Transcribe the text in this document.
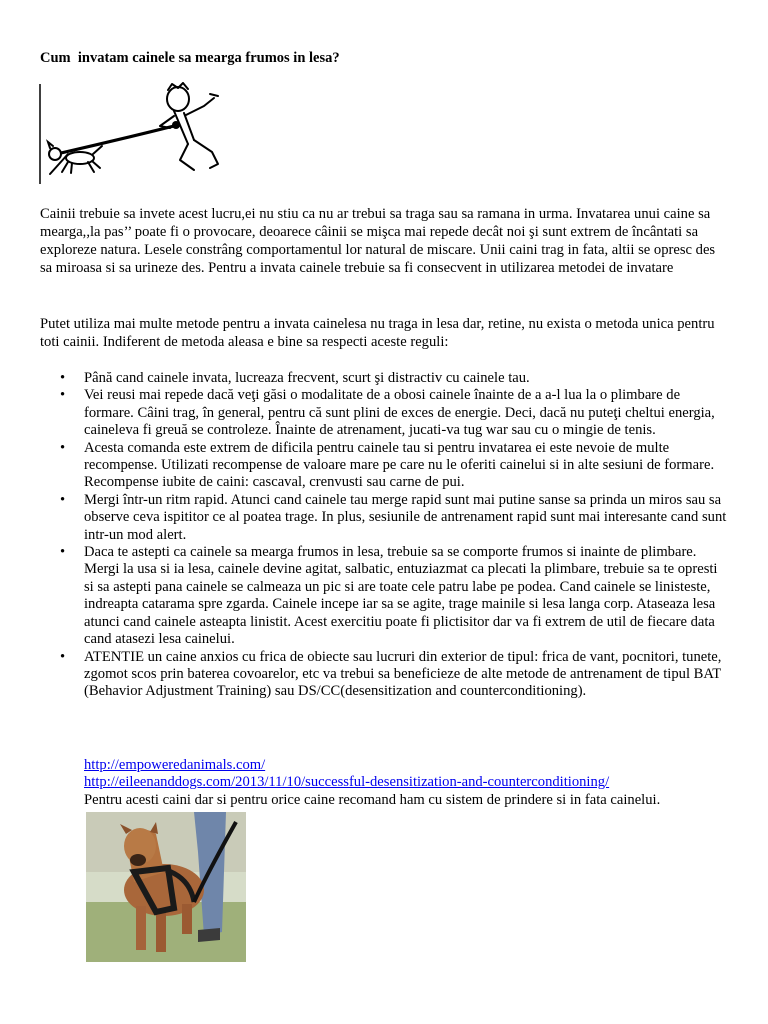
Cum  invatam cainele sa mearga frumos in lesa?
Cainii trebuie sa invete acest lucru,ei nu stiu ca nu ar trebui sa traga sau sa ramana in urma. Invatarea unui caine sa mearga,,la pas’’ poate fi o provocare, deoarece câinii se mişca mai repede decât noi şi sunt extrem de încântati sa exploreze natura. Lesele constrâng comportamentul lor natural de miscare. Unii caini trag in fata, altii se opresc des sa miroasa si sa urineze des. Pentru a invata cainele trebuie sa fi consecvent in utilizarea metodei de invatare
Putet utiliza mai multe metode pentru a invata cainelesa nu traga in lesa dar, retine, nu exista o metoda unica pentru toti cainii. Indiferent de metoda aleasa e bine sa respecti aceste reguli:
• Până cand cainele invata, lucreaza frecvent, scurt şi distractiv cu cainele tau.
• Vei reusi mai repede dacă veţi găsi o modalitate de a obosi cainele înainte de a a-l lua la o plimbare de formare. Câini trag, în general, pentru că sunt plini de exces de energie. Deci, dacă nu puteţi cheltui energia, caineleva fi greuă se controleze. Înainte de atrenament, jucati-va tug war sau cu o mingie de tenis.
• Acesta comanda este extrem de dificila pentru cainele tau si pentru invatarea ei este nevoie de multe recompense. Utilizati recompense de valoare mare pe care nu le oferiti cainelui si in alte sesiuni de formare. Recompense iubite de caini: cascaval, crenvusti sau carne de pui.
• Mergi într-un ritm rapid. Atunci cand cainele tau merge rapid sunt mai putine sanse sa prinda un miros sau sa observe ceva ispititor ce al poatea trage. In plus, sesiunile de antrenament rapid sunt mai interesante cand sunt intr-un mod alert.
• Daca te astepti ca cainele sa mearga frumos in lesa, trebuie sa se comporte frumos si inainte de plimbare. Mergi la usa si ia lesa, cainele devine agitat, salbatic, entuziazmat ca plecati la plimbare, trebuie sa te opresti si sa astepti pana cainele se calmeaza un pic si are toate cele patru labe pe podea. Cand cainele se linisteste, indreapta catarama spre zgarda. Cainele incepe iar sa se agite, trage mainile si lesa langa corp. Ataseaza lesa atunci cand cainele asteapta linistit. Acest exercitiu poate fi plictisitor dar va fi extrem de util de fiecare data cand atasezi lesa cainelui.
• ATENTIE un caine anxios cu frica de obiecte sau lucruri din exterior de tipul: frica de vant, pocnitori, tunete, zgomot scos prin baterea covoarelor, etc va trebui sa beneficieze de alte metode de antrenament de tipul BAT (Behavior Adjustment Training) sau DS/CC(desensitization and counterconditioning).
http://empoweredanimals.com/
http://eileenanddogs.com/2013/11/10/successful-desensitization-and-counterconditioning/
Pentru acesti caini dar si pentru orice caine recomand ham cu sistem de prindere si in fata cainelui.
